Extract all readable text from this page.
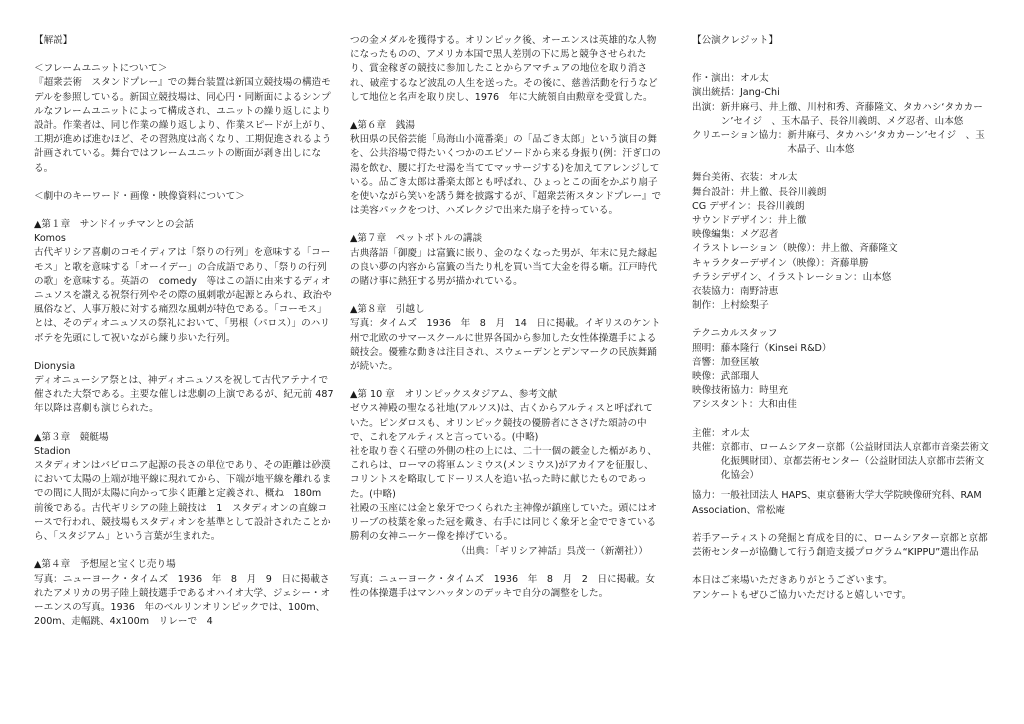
【解説】

＜フレームユニットについて＞

『超衆芸術　スタンドプレー』での舞台装置は新国立競技場の構造モデルを参照している。新国立競技場は、同心円・同断面によるシンプルなフレームユニットによって構成され、ユニットの繰り返しにより設計。作業者は、同じ作業の繰り返しより、作業スピードが上がり、工期が進めば進むほど、その習熟度は高くなり、工期促進されるよう計画されている。舞台ではフレームユニットの断面が剥き出しになる。

＜劇中のキーワード・画像・映像資料について＞

▲第１章　サンドイッチマンとの会話

Komos

古代ギリシア喜劇のコモイディアは「祭りの行列」を意味する「コーモス」と歌を意味する「オーイデー」の合成語であり、「祭りの行列の歌」を意味する。英語の　comedy　等はこの語に由来するディオニュソスを讃える祝祭行列やその際の風刺歌が起源とみられ、政治や風俗など、人事万般に対する痛烈な風刺が特色である。「コーモス」とは、そのディオニュソスの祭礼において、「男根（パロス）」のハリボテを先頭にして祝いながら練り歩いた行列。

Dionysia

ディオニューシア祭とは、神ディオニュソスを祝して古代アテナイで催された大祭である。主要な催しは悲劇の上演であるが、紀元前 487 年以降は喜劇も演じられた。

▲第３章　競艇場

Stadion

スタディオンはバビロニア起源の長さの単位であり、その距離は砂漠において太陽の上端が地平線に現れてから、下端が地平線を離れるまでの間に人間が太陽に向かって歩く距離と定義され、概ね　180m　前後である。古代ギリシアの陸上競技は　1　スタディオンの直線コースで行われ、競技場もスタディオンを基準として設計されたことから、「スタジアム」という言葉が生まれた。

▲第４章　予想屋と宝くじ売り場

写真：ニューヨーク・タイムズ　1936　年　8　月　9　日に掲載されたアメリカの男子陸上競技選手であるオハイオ大学、ジェシー・オーエンスの写真。1936　年のベルリンオリンピックでは、100m、200m、走幅跳、4x100m　リレーで　4

つの金メダルを獲得する。オリンピック後、オーエンスは英雄的な人物になったものの、アメリカ本国で黒人差別の下に馬と競争させられたり、賞金稼ぎの競技に参加したことからアマチュアの地位を取り消され、破産するなど波乱の人生を送った。その後に、慈善活動を行うなどして地位と名声を取り戻し、1976　年に大統領自由勲章を受賞した。

▲第６章　銭湯

秋田県の民俗芸能「鳥海山小滝番楽」の「品ごき太郎」という演目の舞を、公共浴場で得たいくつかのエピソードから来る身振り(例：汗ぎ口の湯を飲む、腰に打たせ湯を当ててマッサージする)を加えてアレンジしている。品ごき太郎は番楽太郎とも呼ばれ、ひょっとこの面をかぶり扇子を使いながら笑いを誘う舞を披露するが、『超衆芸術スタンドプレー』では美容パックをつけ、ハズレクジで出来た扇子を持っている。

▲第７章　ペットボトルの講談

古典落語「御慶」は富籤に嵌り、金のなくなった男が、年末に見た縁起の良い夢の内容から富籤の当たり札を買い当て大金を得る噺。江戸時代の賭け事に熱狂する男が描かれている。

▲第８章　引越し

写真：タイムズ　1936　年　8　月　14　日に掲載。イギリスのケント州で北欧のサマースクールに世界各国から参加した女性体操選手による競技会。優雅な動きは注目され、スウェーデンとデンマークの民族舞踊が続いた。

▲第 10 章　オリンピックスタジアム、参考文献

ゼウス神殿の聖なる社地(アルソス)は、古くからアルティスと呼ばれていた。ピンダロスも、オリンピック競技の優勝者にささげた頌詩の中で、これをアルティスと言っている。(中略)

社を取り巻く石壁の外側の柱の上には、二十一個の鍍金した楯があり、これらは、ローマの将軍ムンミウス(メンミウス)がアカイアを征服し、コリントスを略取してドーリス人を追い払った時に献じたものであった。(中略)

社殿の玉座には金と象牙でつくられた主神像が鎮座していた。頭にはオリーブの枝葉を象った冠を戴き、右手には同じく象牙と金でできている勝利の女神ニーケー像を捧げている。

（出典：「ギリシア神話」呉茂一（新潮社））

写真：ニューヨーク・タイムズ　1936　年　8　月　2　日に掲載。女性の体操選手はマンハッタンのデッキで自分の調整をした。

【公演クレジット】

作・演出： オル太
演出統括： Jang-Chi
出演： 新井麻弓、井上徹、川村和秀、斉藤隆文、タカハシ‘タカカーン’セイジ　、玉木晶子、長谷川義朗、メグ忍者、山本悠
クリエーション協力： 新井麻弓、タカハシ‘タカカーン’セイジ　、玉木晶子、山本悠

舞台美術、衣装：オル太

舞台設計：井上徹、長谷川義朗

CG デザイン：長谷川義朗

サウンドデザイン：井上徹

映像編集：メグ忍者

イラストレーション（映像）：井上徹、斉藤隆文

キャラクターデザイン（映像）：斉藤単勝

チラシデザイン、イラストレーション：山本悠

衣装協力：南野詩恵

制作：上村絵梨子

テクニカルスタッフ

照明：藤本隆行（Kinsei R&D）

音響：加登匡敏

映像：武部瑠人

映像技術協力：時里充

アシスタント：大和由佳

主催： オル太
共催： 京都市、ロームシアター京都（公益財団法人京都市音楽芸術文化振興財団）、京都芸術センター（公益財団法人京都市芸術文化協会）

協力：一般社団法人 HAPS、東京藝術大学大学院映像研究科、RAM Association、常松庵

若手アーティストの発掘と育成を目的に、ロームシアター京都と京都芸術センターが協働して行う創造支援プログラム“KIPPU”選出作品

本日はご来場いただきありがとうございます。

アンケートもぜひご協力いただけると嬉しいです。
